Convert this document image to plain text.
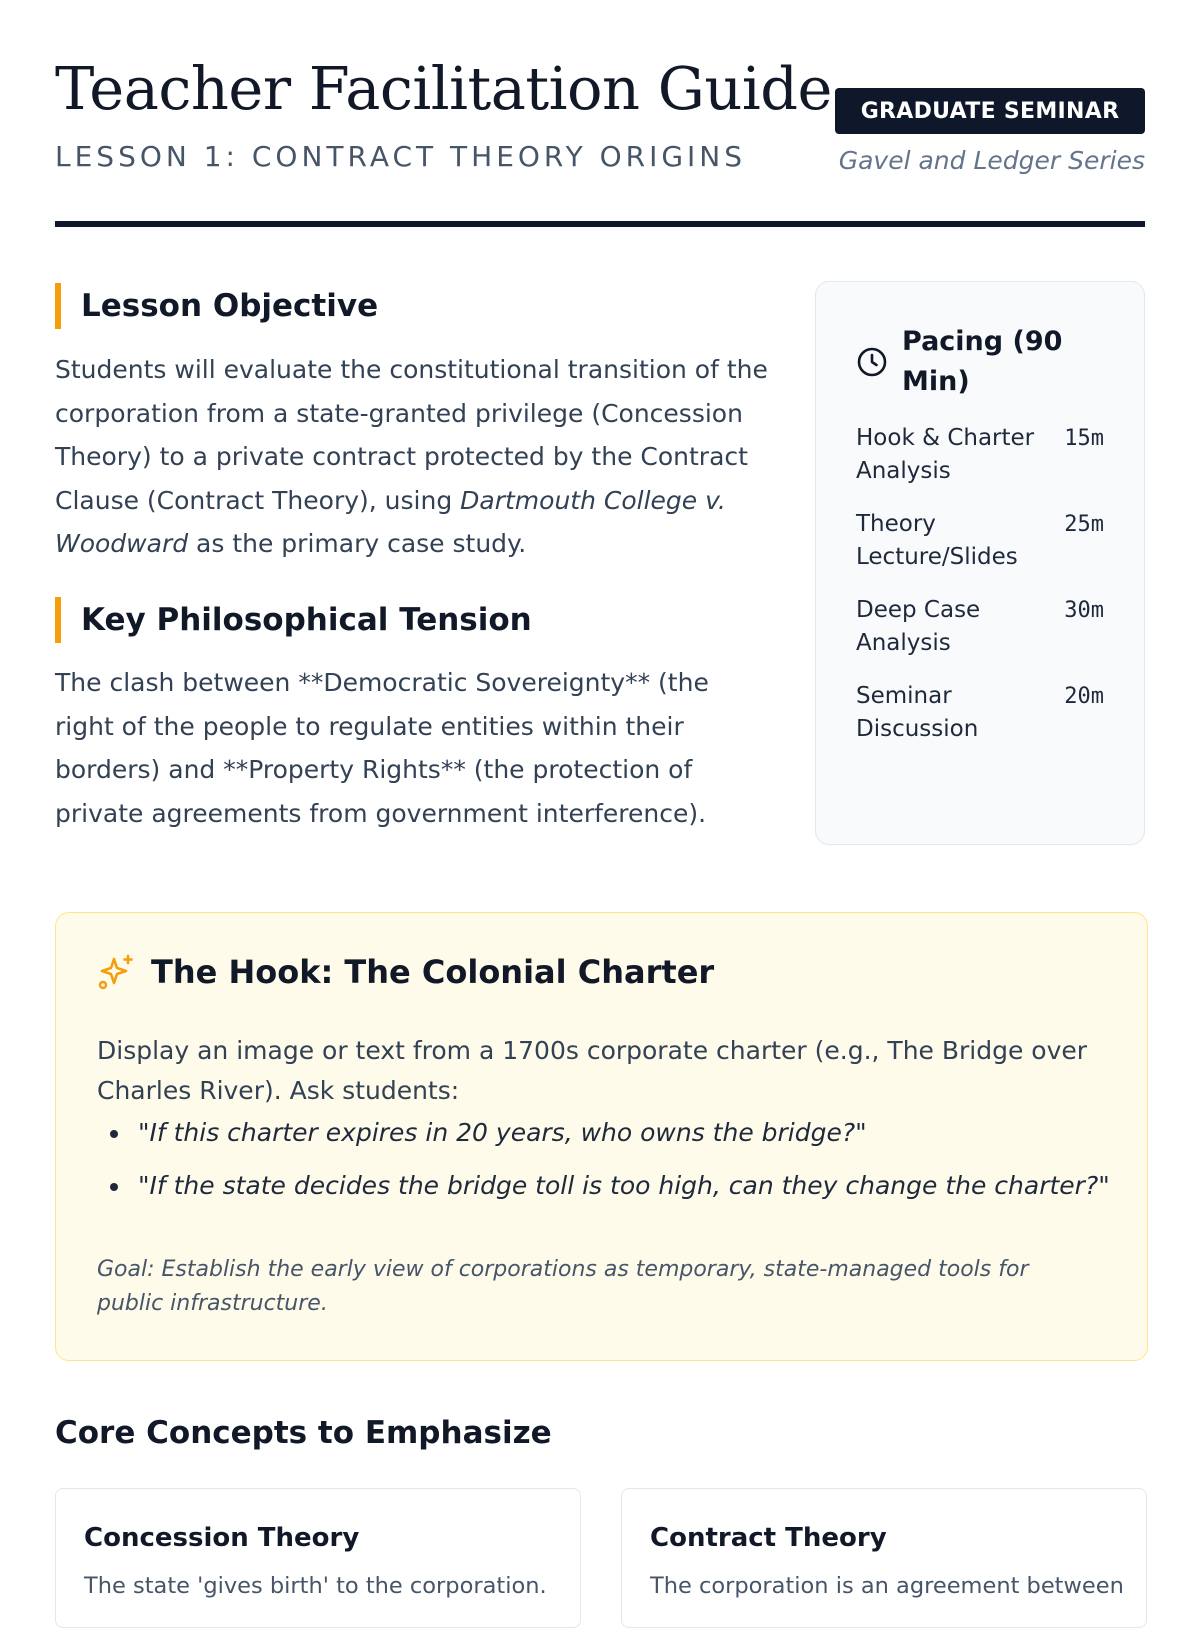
Teacher Facilitation Guide
LESSON 1: CONTRACT THEORY ORIGINS
GRADUATE SEMINAR
Gavel and Ledger Series
Lesson Objective

Students will evaluate the constitutional transition of the corporation from a state-granted privilege (Concession Theory) to a private contract protected by the Contract Clause (Contract Theory), using Dartmouth College v. Woodward as the primary case study.

Key Philosophical Tension

The clash between **Democratic Sovereignty** (the right of the people to regulate entities within their borders) and **Property Rights** (the protection of private agreements from government interference).

Pacing (90 Min)
Hook & Charter Analysis
15m
Theory Lecture/Slides
25m
Deep Case Analysis
30m
Seminar Discussion
20m
The Hook: The Colonial Charter

Display an image or text from a 1700s corporate charter (e.g., The Bridge over Charles River). Ask students:

"If this charter expires in 20 years, who owns the bridge?"
"If the state decides the bridge toll is too high, can they change the charter?"

Goal: Establish the early view of corporations as temporary, state-managed tools for public infrastructure.

Core Concepts to Emphasize
Concession Theory

The state 'gives birth' to the corporation.

Contract Theory

The corporation is an agreement between
